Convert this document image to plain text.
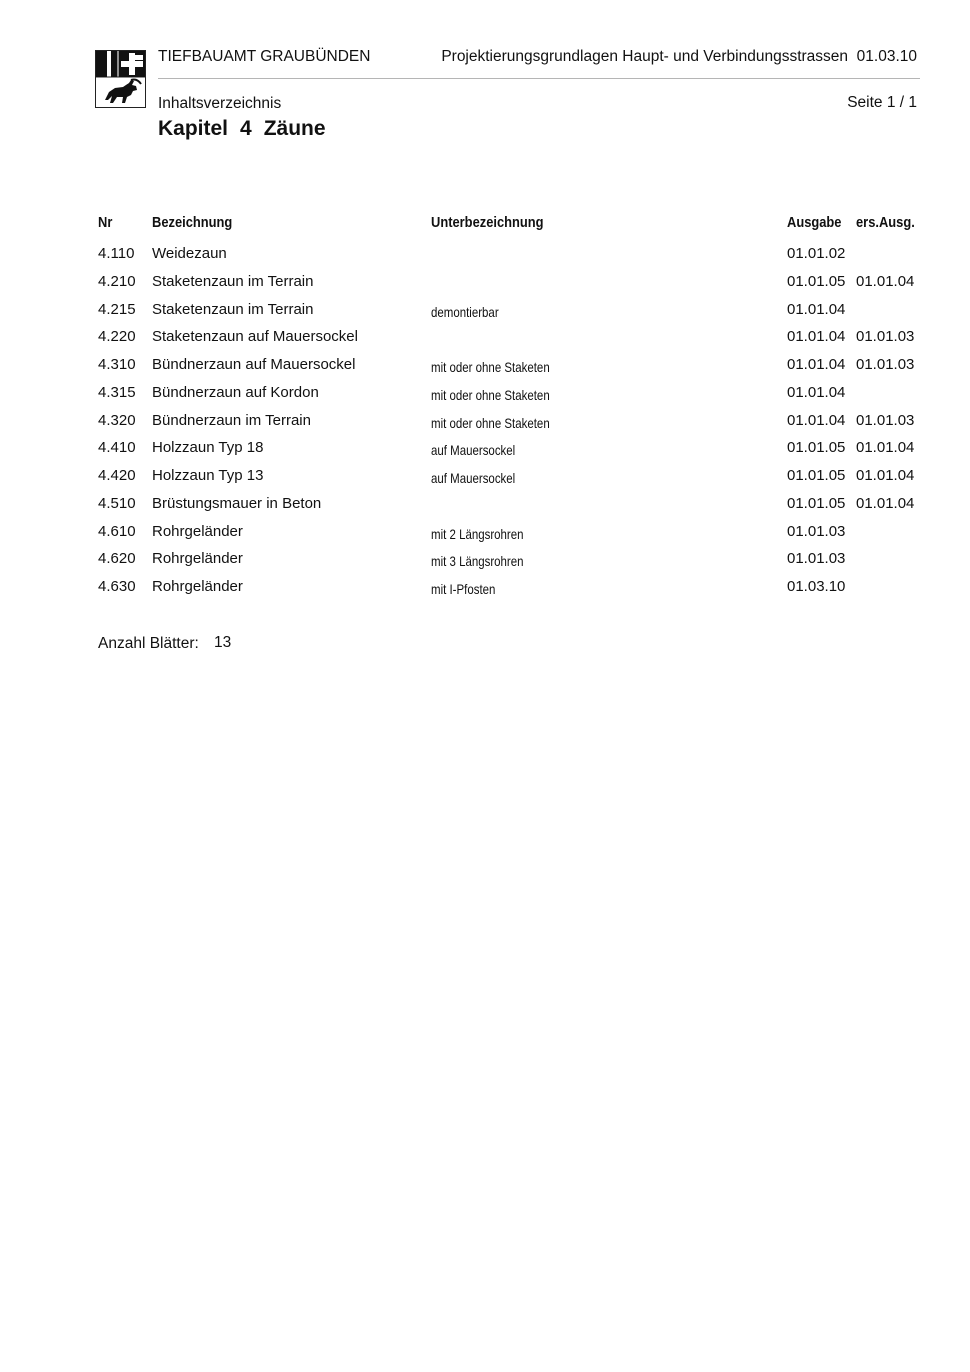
TIEFBAUAMT GRAUBÜNDEN	Projektierungsgrundlagen Haupt- und Verbindungsstrassen 01.03.10
Inhaltsverzeichnis	Seite 1 / 1
Kapitel 4 Zäune
Nr	Bezeichnung	Unterbezeichnung	Ausgabe ers.Ausg.
4.110 Weidezaun	01.01.02
4.210 Staketenzaun im Terrain	01.01.05 01.01.04
4.215 Staketenzaun im Terrain	demontierbar	01.01.04
4.220 Staketenzaun auf Mauersockel	01.01.04 01.01.03
4.310 Bündnerzaun auf Mauersockel	mit oder ohne Staketen	01.01.04 01.01.03
4.315 Bündnerzaun auf Kordon	mit oder ohne Staketen	01.01.04
4.320 Bündnerzaun im Terrain	mit oder ohne Staketen	01.01.04 01.01.03
4.410 Holzzaun Typ 18	auf Mauersockel	01.01.05 01.01.04
4.420 Holzzaun Typ 13	auf Mauersockel	01.01.05 01.01.04
4.510 Brüstungsmauer in Beton	01.01.05 01.01.04
4.610 Rohrgeländer	mit 2 Längsrohren	01.01.03
4.620 Rohrgeländer	mit 3 Längsrohren	01.01.03
4.630 Rohrgeländer	mit I-Pfosten	01.03.10
Anzahl Blätter: 13
